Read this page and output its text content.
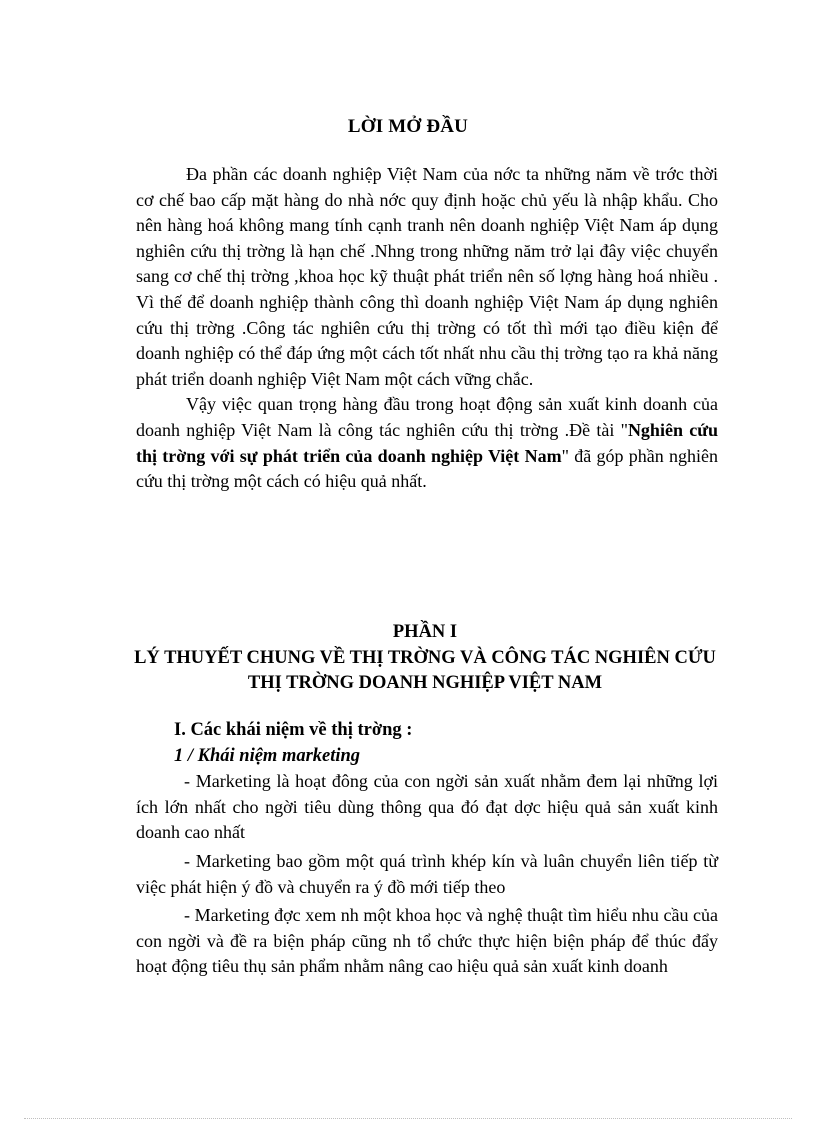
LỜI MỞ ĐẦU

Đa phần các doanh nghiệp Việt Nam của nớc ta những năm về trớc thời cơ chế bao cấp mặt hàng do nhà nớc quy định hoặc chủ yếu là nhập khẩu. Cho nên hàng hoá không mang tính cạnh tranh nên doanh nghiệp Việt Nam áp dụng nghiên cứu thị trờng là hạn chế .Nhng trong những năm trở lại đây việc chuyển sang cơ chế thị trờng ,khoa học kỹ thuật phát triển nên số lợng hàng hoá nhiều . Vì thế để doanh nghiệp thành công thì doanh nghiệp Việt Nam áp dụng nghiên cứu thị trờng .Công tác nghiên cứu thị trờng có tốt thì mới tạo điều kiện để doanh nghiệp có thể đáp ứng một cách tốt nhất nhu cầu thị trờng tạo ra khả năng phát triển doanh nghiệp Việt Nam một cách vững chắc.

Vậy việc quan trọng hàng đầu trong hoạt động sản xuất kinh doanh của doanh nghiệp Việt Nam là công tác nghiên cứu thị trờng .Đề tài "Nghiên cứu thị trờng với sự phát triển của doanh nghiệp Việt Nam" đã góp phần nghiên cứu thị trờng một cách có hiệu quả nhất.

PHẦN I
LÝ THUYẾT CHUNG VỀ THỊ TRỜNG VÀ CÔNG TÁC NGHIÊN CỨU THỊ TRỜNG DOANH NGHIỆP VIỆT NAM

I. Các khái niệm về thị trờng :

1 / Khái niệm marketing

- Marketing là hoạt đông của con ngời sản xuất nhằm đem lại những lợi ích lớn nhất cho ngời tiêu dùng thông qua đó đạt dợc hiệu quả sản xuất kinh doanh cao nhất

- Marketing bao gồm một quá trình khép kín và luân chuyển liên tiếp từ việc phát hiện ý đồ và chuyển ra ý đồ mới tiếp theo

- Marketing đợc xem nh một khoa học và nghệ thuật tìm hiểu nhu cầu của con ngời và đề ra biện pháp cũng nh tổ chức thực hiện biện pháp để thúc đẩy hoạt động tiêu thụ sản phẩm nhằm nâng cao hiệu quả sản xuất kinh doanh
